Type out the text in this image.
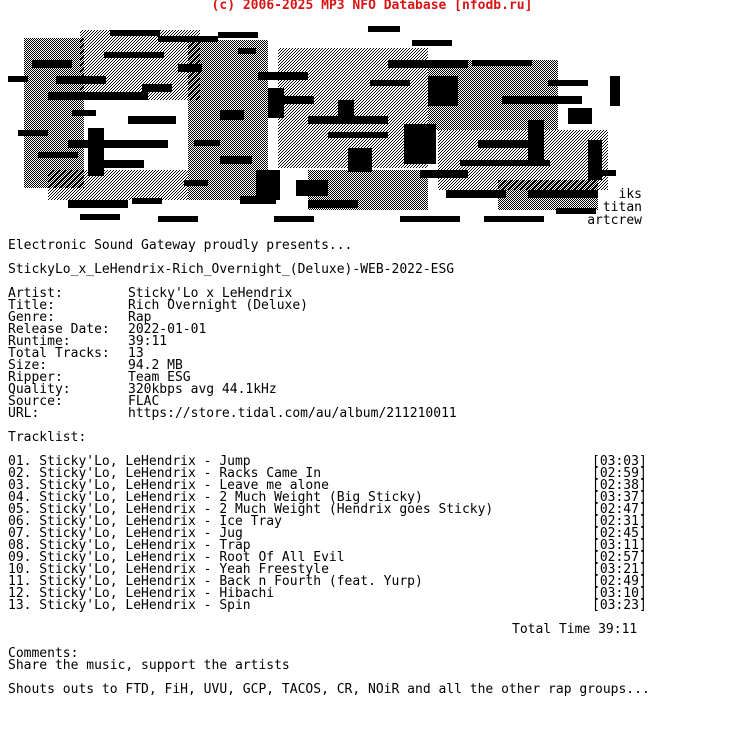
(c) 2006-2025 MP3 NFO Database [nfodb.ru]
iks
titan
artcrew
Electronic Sound Gateway proudly presents...
StickyLo_x_LeHendrix-Rich_Overnight_(Deluxe)-WEB-2022-ESG
Artist:	Sticky'Lo x LeHendrix
Title:	Rich Overnight (Deluxe)
Genre:	Rap
Release Date: 2022-01-01
Runtime:	39:11
Total Tracks: 13
Size:	94.2 MB
Ripper:	Team ESG
Quality:	320kbps avg 44.1kHz
Source:	FLAC
URL:	https://store.tidal.com/au/album/211210011
Tracklist:
01. Sticky'Lo, LeHendrix - Jump	[03:03]
02. Sticky'Lo, LeHendrix - Racks Came In	[02:59]
03. Sticky'Lo, LeHendrix - Leave me alone	[02:38]
04. Sticky'Lo, LeHendrix - 2 Much Weight (Big Sticky)	[03:37]
05. Sticky'Lo, LeHendrix - 2 Much Weight (Hendrix goes Sticky)	[02:47]
06. Sticky'Lo, LeHendrix - Ice Tray	[02:31]
07. Sticky'Lo, LeHendrix - Jug	[02:45]
08. Sticky'Lo, LeHendrix - Trap	[03:11]
09. Sticky'Lo, LeHendrix - Root Of All Evil	[02:57]
10. Sticky'Lo, LeHendrix - Yeah Freestyle	[03:21]
11. Sticky'Lo, LeHendrix - Back n Fourth (feat. Yurp)	[02:49]
12. Sticky'Lo, LeHendrix - Hibachi	[03:10]
13. Sticky'Lo, LeHendrix - Spin	[03:23]
Total Time 39:11
Comments:
Share the music, support the artists
Shouts outs to FTD, FiH, UVU, GCP, TACOS, CR, NOiR and all the other rap groups...
